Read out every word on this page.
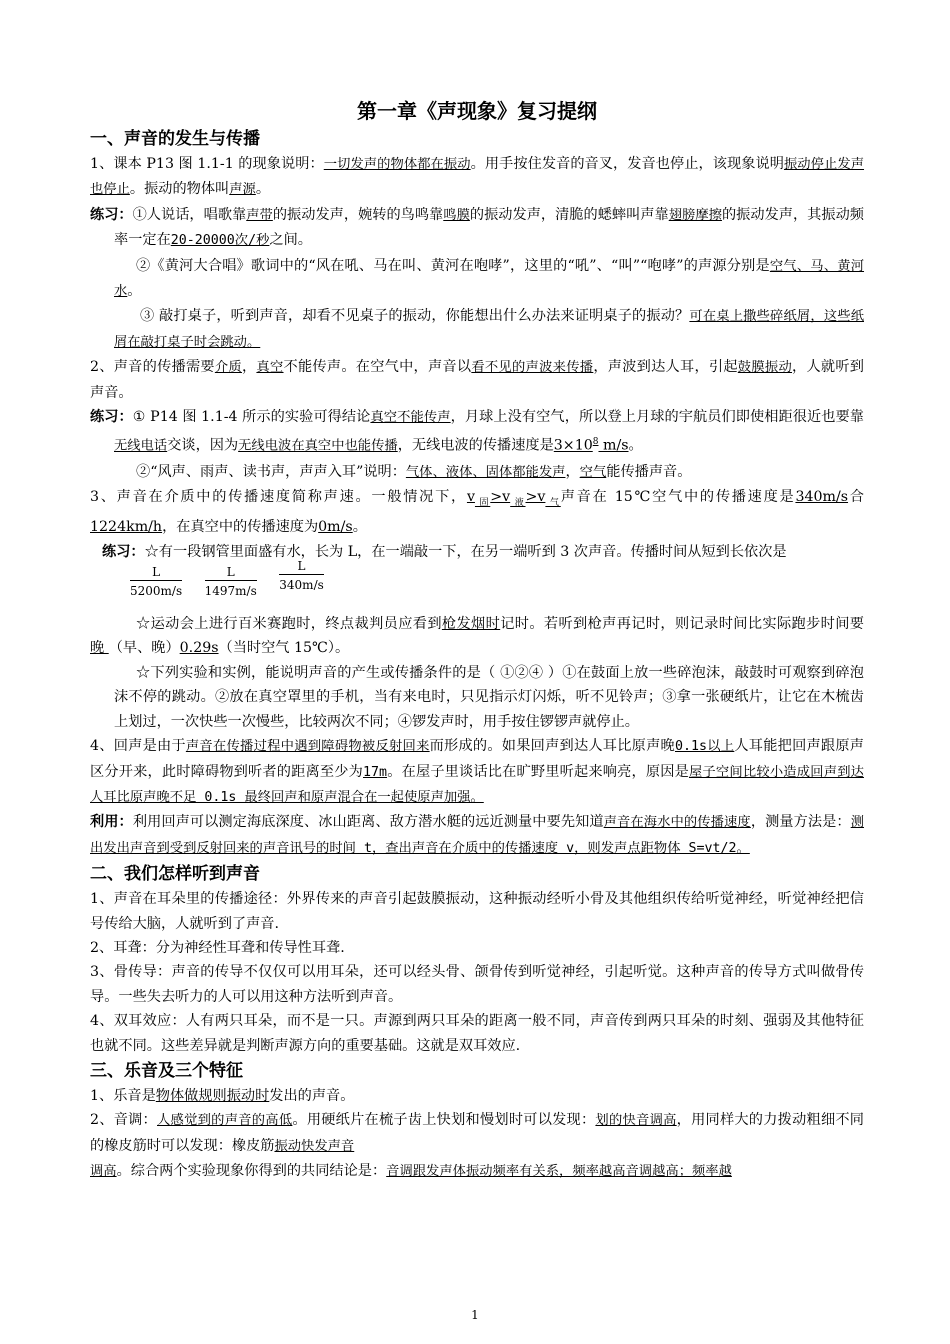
第一章《声现象》复习提纲
一、声音的发生与传播

1、课本 P13 图 1.1-1 的现象说明：一切发声的物体都在振动。用手按住发音的音叉，发音也停止，该现象说明振动停止发声也停止。振动的物体叫声源。

练习：①人说话，唱歌靠声带的振动发声，婉转的鸟鸣靠鸣膜的振动发声，清脆的蟋蟀叫声靠翅膀摩擦的振动发声，其振动频率一定在20-20000次/秒之间。

②《黄河大合唱》歌词中的“风在吼、马在叫、黄河在咆哮”，这里的“吼”、“叫”“咆哮”的声源分别是空气、马、黄河水。

③ 敲打桌子，听到声音，却看不见桌子的振动，你能想出什么办法来证明桌子的振动？可在桌上撒些碎纸屑，这些纸屑在敲打桌子时会跳动。

2、声音的传播需要介质，真空不能传声。在空气中，声音以看不见的声波来传播，声波到达人耳，引起鼓膜振动，人就听到声音。

练习：① P14 图 1.1-4 所示的实验可得结论真空不能传声，月球上没有空气，所以登上月球的宇航员们即使相距很近也要靠无线电话交谈，因为无线电波在真空中也能传播，无线电波的传播速度是$3\times 10^8$ m/s。

②“风声、雨声、读书声，声声入耳”说明：气体、液体、固体都能发声，空气能传播声音。

3、声音在介质中的传播速度简称声速。一般情况下，v $_固$>v $_液$>v $_气$声音在 15℃空气中的传播速度是340m/s合1224km/h，在真空中的传播速度为0m/s。

练习：☆有一段钢管里面盛有水，长为 L，在一端敲一下，在另一端听到 3 次声音。传播时间从短到长依次是

$\frac{L}{5200m/s}$
$\frac{L}{1497m/s}$
$\frac{L}{340m/s}$

☆运动会上进行百米赛跑时，终点裁判员应看到枪发烟时记时。若听到枪声再记时，则记录时间比实际跑步时间要 晚 （早、晚）0.29s（当时空气 15℃）。

☆下列实验和实例，能说明声音的产生或传播条件的是（ ①②④ ）①在鼓面上放一些碎泡沫，敲鼓时可观察到碎泡沫不停的跳动。②放在真空罩里的手机，当有来电时，只见指示灯闪烁，听不见铃声；③拿一张硬纸片，让它在木梳齿上划过，一次快些一次慢些，比较两次不同；④锣发声时，用手按住锣锣声就停止。

4、回声是由于声音在传播过程中遇到障碍物被反射回来而形成的。如果回声到达人耳比原声晚0.1s以上人耳能把回声跟原声区分开来，此时障碍物到听者的距离至少为17m。在屋子里谈话比在旷野里听起来响亮，原因是屋子空间比较小造成回声到达人耳比原声晚不足 0.1s 最终回声和原声混合在一起使原声加强。

利用：利用回声可以测定海底深度、冰山距离、敌方潜水艇的远近测量中要先知道声音在海水中的传播速度，测量方法是：测出发出声音到受到反射回来的声音讯号的时间 t，查出声音在介质中的传播速度 v，则发声点距物体 S=vt/2。

二、我们怎样听到声音

1、声音在耳朵里的传播途径：外界传来的声音引起鼓膜振动，这种振动经听小骨及其他组织传给听觉神经，听觉神经把信号传给大脑，人就听到了声音.

2、耳聋：分为神经性耳聋和传导性耳聋.

3、骨传导：声音的传导不仅仅可以用耳朵，还可以经头骨、颌骨传到听觉神经，引起听觉。这种声音的传导方式叫做骨传导。一些失去听力的人可以用这种方法听到声音。

4、双耳效应：人有两只耳朵，而不是一只。声源到两只耳朵的距离一般不同，声音传到两只耳朵的时刻、强弱及其他特征也就不同。这些差异就是判断声源方向的重要基础。这就是双耳效应.

三、乐音及三个特征

1、乐音是物体做规则振动时发出的声音。

2、音调：人感觉到的声音的高低。用硬纸片在梳子齿上快划和慢划时可以发现：划的快音调高，用同样大的力拨动粗细不同的橡皮筋时可以发现：橡皮筋振动快发声音

调高。综合两个实验现象你得到的共同结论是：音调跟发声体振动频率有关系，频率越高音调越高；频率越

1
